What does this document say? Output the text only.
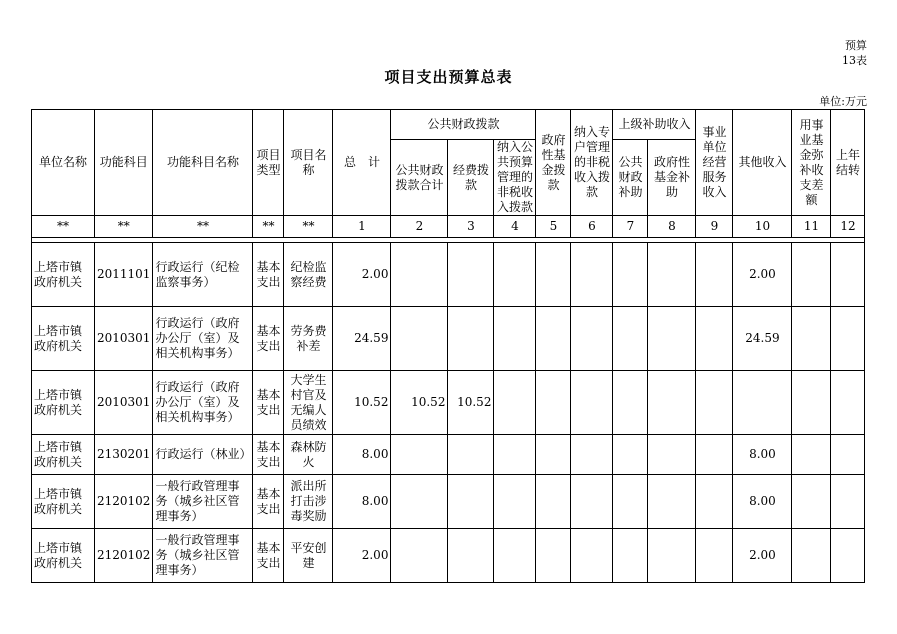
预算
13表
项目支出预算总表
单位:万元
单位名称	功能科目	功能科目名称	项目类型	项目名称	总　计	公共财政拨款			政府性基金拨款	纳入专户管理的非税收入拨款	上级补助收入		事业单位经营服务收入	其他收入	用事业基金弥补收支差额	上年结转
						公共财政拨款合计	经费拨款	纳入公共预算管理的非税收入拨款			公共财政补助	政府性基金补助				
**	**	**	**	**	1	2	3	4	5	6	7	8	9	10	11	12

上塔市镇政府机关	2011101	行政运行（纪检监察事务）	基本支出	纪检监察经费	2.00									2.00		
上塔市镇政府机关	2010301	行政运行（政府办公厅（室）及相关机构事务）	基本支出	劳务费补差	24.59									24.59		
上塔市镇政府机关	2010301	行政运行（政府办公厅（室）及相关机构事务）	基本支出	大学生村官及无编人员绩效	10.52	10.52	10.52									
上塔市镇政府机关	2130201	行政运行（林业）	基本支出	森林防火	8.00									8.00		
上塔市镇政府机关	2120102	一般行政管理事务（城乡社区管理事务）	基本支出	派出所打击涉毒奖励	8.00									8.00		
上塔市镇政府机关	2120102	一般行政管理事务（城乡社区管理事务）	基本支出	平安创建	2.00									2.00		
